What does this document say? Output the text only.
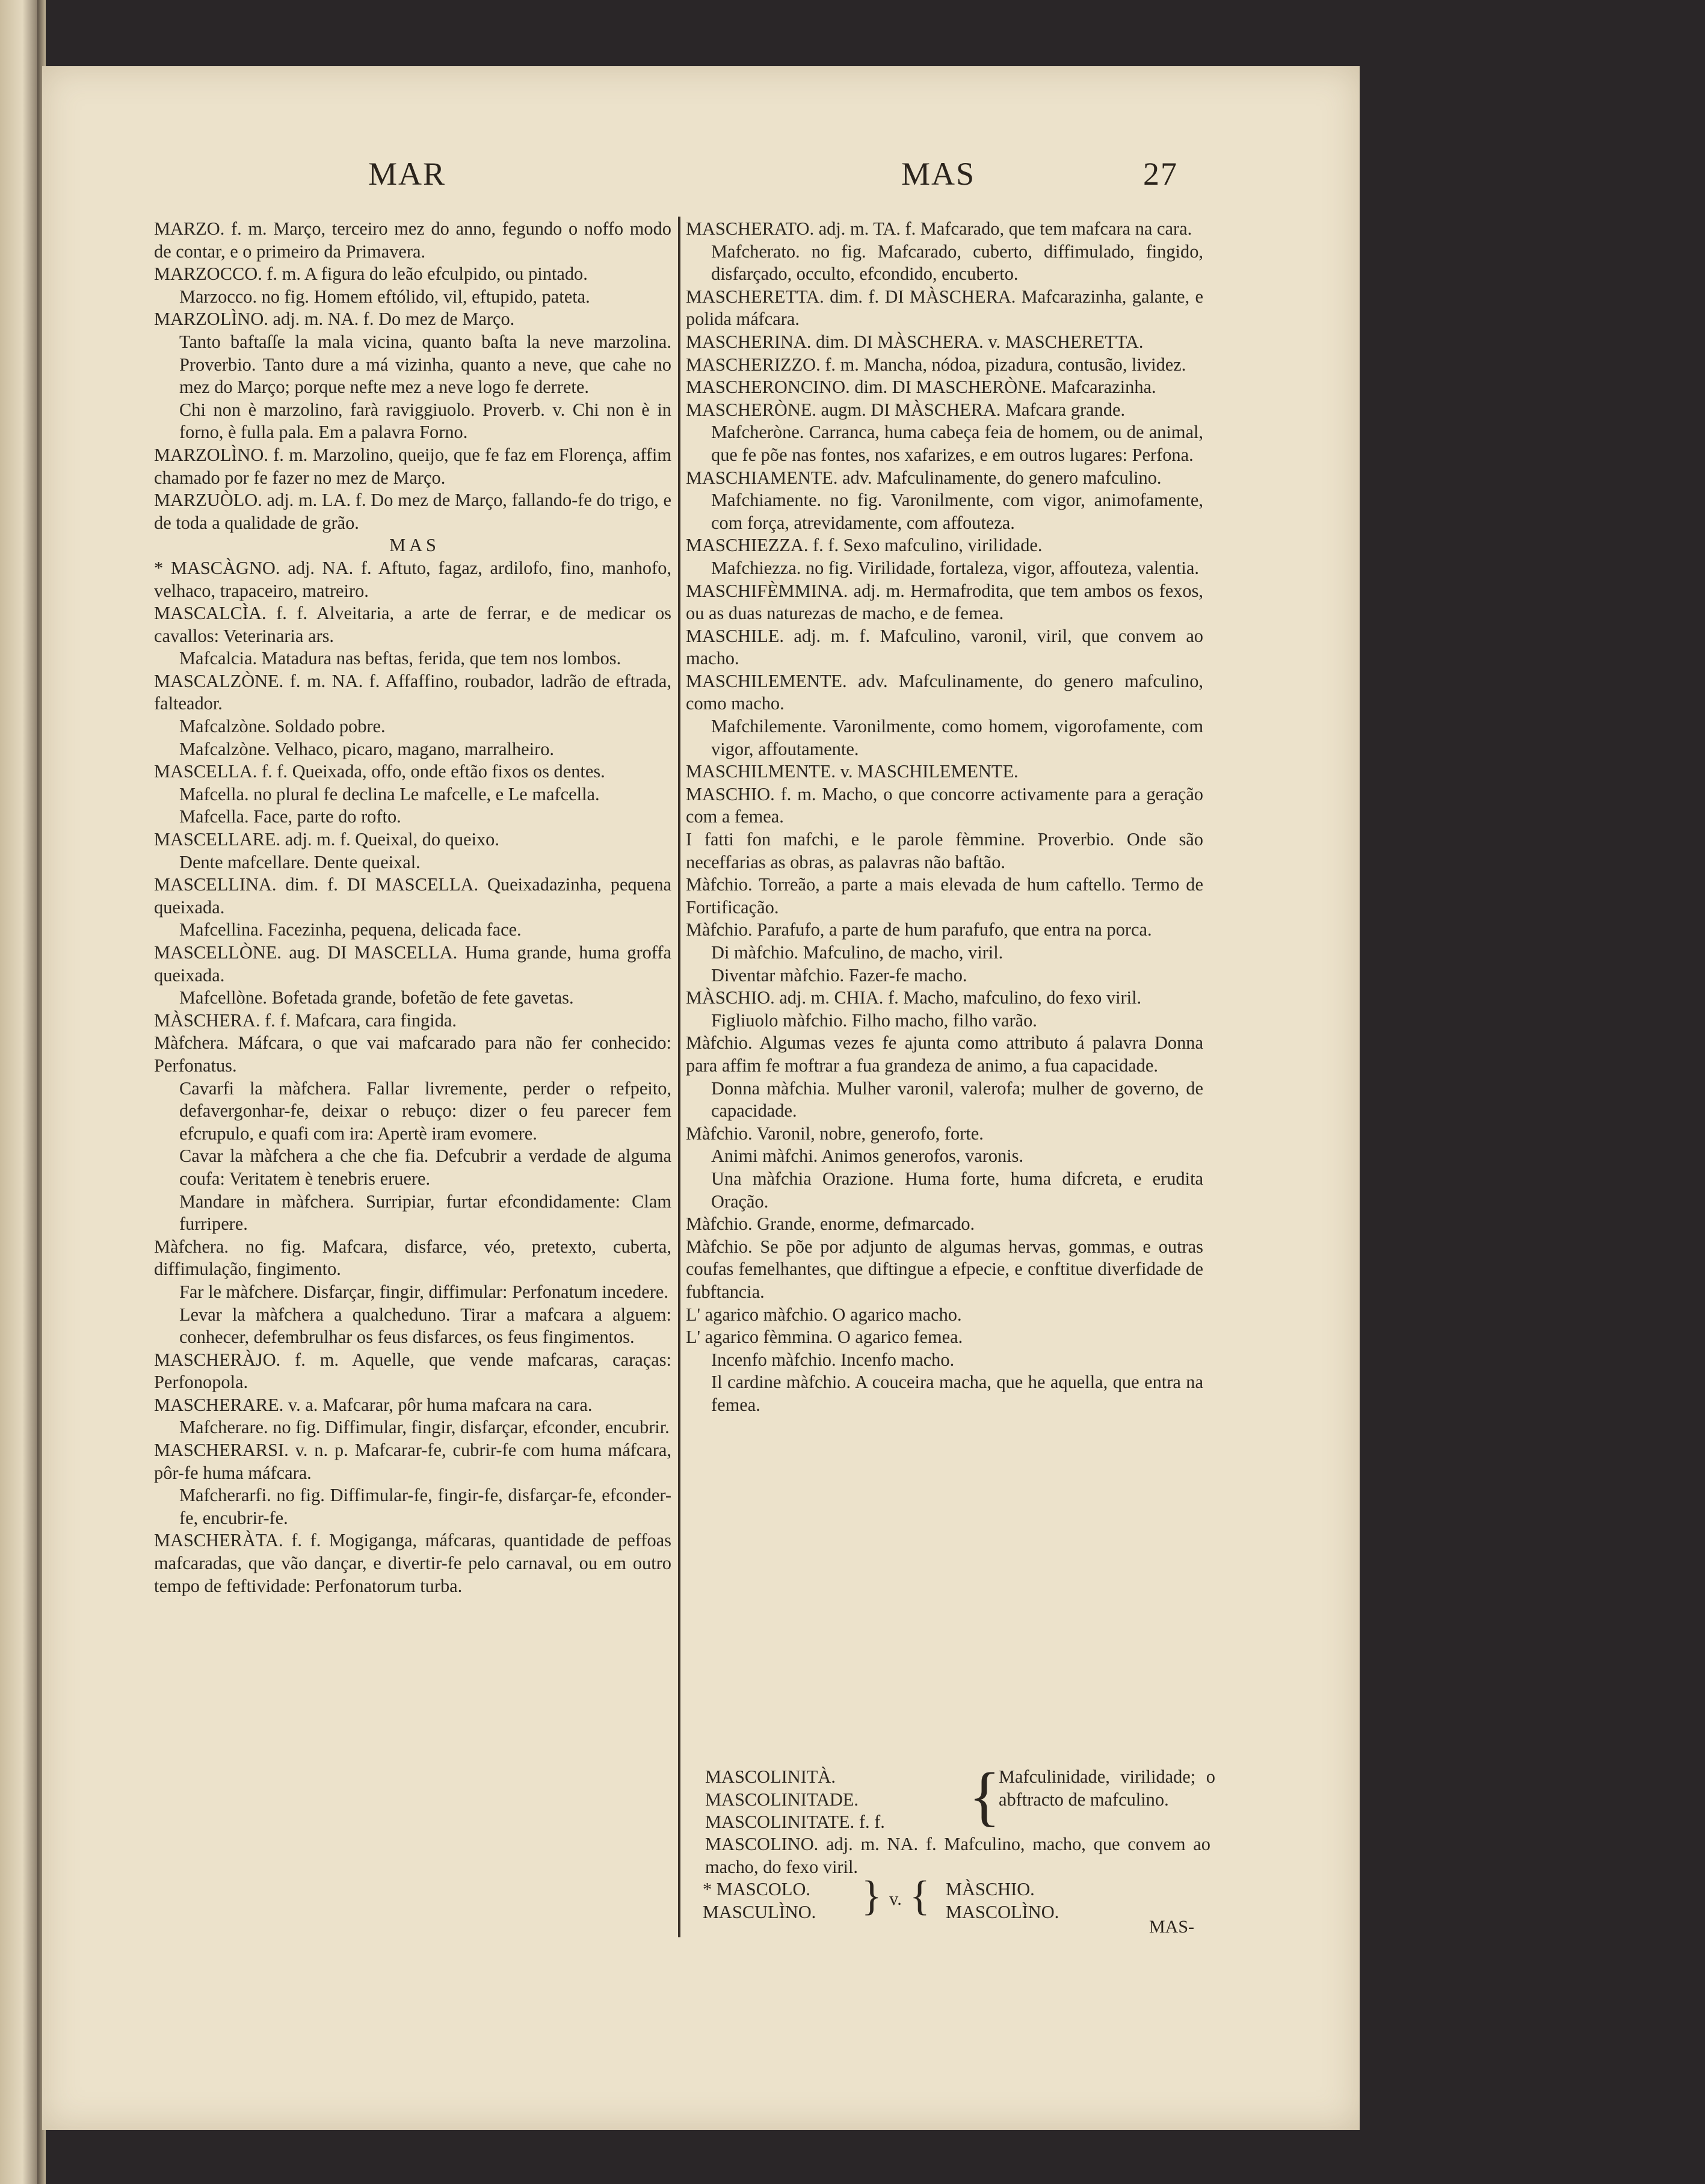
MAR	MAS	27

MARZO. f. m. Março, terceiro mez do anno, fegundo o noffo modo de contar, e o primeiro da Primavera.

MARZOCCO. f. m. A figura do leão efculpido, ou pintado.

Marzocco. no fig. Homem eftólido, vil, eftupido, pateta.

MARZOLÌNO. adj. m. NA. f. Do mez de Março.

Tanto baftaſſe la mala vicina, quanto baſta la neve marzolina. Proverbio. Tanto dure a má vizinha, quanto a neve, que cahe no mez do Março; porque nefte mez a neve logo fe derrete.

Chi non è marzolino, farà raviggiuolo. Proverb. v. Chi non è in forno, è fulla pala. Em a palavra Forno.

MARZOLÌNO. f. m. Marzolino, queijo, que fe faz em Florença, affim chamado por fe fazer no mez de Março.

MARZUÒLO. adj. m. LA. f. Do mez de Março, fallando-fe do trigo, e de toda a qualidade de grão.

M A S

* MASCÀGNO. adj. NA. f. Aftuto, fagaz, ardilofo, fino, manhofo, velhaco, trapaceiro, matreiro.

MASCALCÌA. f. f. Alveitaria, a arte de ferrar, e de medicar os cavallos: Veterinaria ars.

Mafcalcia. Matadura nas beftas, ferida, que tem nos lombos.

MASCALZÒNE. f. m. NA. f. Affaffino, roubador, ladrão de eftrada, falteador.

Mafcalzòne. Soldado pobre.

Mafcalzòne. Velhaco, picaro, magano, marralheiro.

MASCELLA. f. f. Queixada, offo, onde eftão fixos os dentes.

Mafcella. no plural fe declina Le mafcelle, e Le mafcella.

Mafcella. Face, parte do rofto.

MASCELLARE. adj. m. f. Queixal, do queixo.

Dente mafcellare. Dente queixal.

MASCELLINA. dim. f. DI MASCELLA. Queixadazinha, pequena queixada.

Mafcellina. Facezinha, pequena, delicada face.

MASCELLÒNE. aug. DI MASCELLA. Huma grande, huma groffa queixada.

Mafcellòne. Bofetada grande, bofetão de fete gavetas.

MÀSCHERA. f. f. Mafcara, cara fingida.

Màfchera. Máfcara, o que vai mafcarado para não fer conhecido: Perfonatus.

Cavarfi la màfchera. Fallar livremente, perder o refpeito, defavergonhar-fe, deixar o rebuço: dizer o feu parecer fem efcrupulo, e quafi com ira: Apertè iram evomere.

Cavar la màfchera a che che fia. Defcubrir a verdade de alguma coufa: Veritatem è tenebris eruere.

Mandare in màfchera. Surripiar, furtar efcondidamente: Clam furripere.

Màfchera. no fig. Mafcara, disfarce, véo, pretexto, cuberta, diffimulação, fingimento.

Far le màfchere. Disfarçar, fingir, diffimular: Perfonatum incedere.

Levar la màfchera a qualcheduno. Tirar a mafcara a alguem: conhecer, defembrulhar os feus disfarces, os feus fingimentos.

MASCHERÀJO. f. m. Aquelle, que vende mafcaras, caraças: Perfonopola.

MASCHERARE. v. a. Mafcarar, pôr huma mafcara na cara.

Mafcherare. no fig. Diffimular, fingir, disfarçar, efconder, encubrir.

MASCHERARSI. v. n. p. Mafcarar-fe, cubrir-fe com huma máfcara, pôr-fe huma máfcara.

Mafcherarfi. no fig. Diffimular-fe, fingir-fe, disfarçar-fe, efconder-fe, encubrir-fe.

MASCHERÀTA. f. f. Mogiganga, máfcaras, quantidade de peffoas mafcaradas, que vão dançar, e divertir-fe pelo carnaval, ou em outro tempo de feftividade: Perfonatorum turba.

MASCHERATO. adj. m. TA. f. Mafcarado, que tem mafcara na cara.

Mafcherato. no fig. Mafcarado, cuberto, diffimulado, fingido, disfarçado, occulto, efcondido, encuberto.

MASCHERETTA. dim. f. DI MÀSCHERA. Mafcarazinha, galante, e polida máfcara.

MASCHERINA. dim. DI MÀSCHERA. v. MASCHERETTA.

MASCHERIZZO. f. m. Mancha, nódoa, pizadura, contusão, lividez.

MASCHERONCINO. dim. DI MASCHERÒNE. Mafcarazinha.

MASCHERÒNE. augm. DI MÀSCHERA. Mafcara grande.

Mafcheròne. Carranca, huma cabeça feia de homem, ou de animal, que fe põe nas fontes, nos xafarizes, e em outros lugares: Perfona.

MASCHIAMENTE. adv. Mafculinamente, do genero mafculino.

Mafchiamente. no fig. Varonilmente, com vigor, animofamente, com força, atrevidamente, com affouteza.

MASCHIEZZA. f. f. Sexo mafculino, virilidade.

Mafchiezza. no fig. Virilidade, fortaleza, vigor, affouteza, valentia.

MASCHIFÈMMINA. adj. m. Hermafrodita, que tem ambos os fexos, ou as duas naturezas de macho, e de femea.

MASCHILE. adj. m. f. Mafculino, varonil, viril, que convem ao macho.

MASCHILEMENTE. adv. Mafculinamente, do genero mafculino, como macho.

Mafchilemente. Varonilmente, como homem, vigorofamente, com vigor, affoutamente.

MASCHILMENTE. v. MASCHILEMENTE.

MASCHIO. f. m. Macho, o que concorre activamente para a geração com a femea.

I fatti fon mafchi, e le parole fèmmine. Proverbio. Onde são neceffarias as obras, as palavras não baftão.

Màfchio. Torreão, a parte a mais elevada de hum caftello. Termo de Fortificação.

Màfchio. Parafufo, a parte de hum parafufo, que entra na porca.

Di màfchio. Mafculino, de macho, viril.

Diventar màfchio. Fazer-fe macho.

MÀSCHIO. adj. m. CHIA. f. Macho, mafculino, do fexo viril.

Figliuolo màfchio. Filho macho, filho varão.

Màfchio. Algumas vezes fe ajunta como attributo á palavra Donna para affim fe moftrar a fua grandeza de animo, a fua capacidade.

Donna màfchia. Mulher varonil, valerofa; mulher de governo, de capacidade.

Màfchio. Varonil, nobre, generofo, forte.

Animi màfchi. Animos generofos, varonis.

Una màfchia Orazione. Huma forte, huma difcreta, e erudita Oração.

Màfchio. Grande, enorme, defmarcado.

Màfchio. Se põe por adjunto de algumas hervas, gommas, e outras coufas femelhantes, que diftingue a efpecie, e conftitue diverfidade de fubftancia.

L' agarico màfchio. O agarico macho.

L' agarico fèmmina. O agarico femea.

Incenfo màfchio. Incenfo macho.

Il cardine màfchio. A couceira macha, que he aquella, que entra na femea.

MASCOLINITÀ.
MASCOLINITADE.
MASCOLINITATE. f. f.	{
Mafculinidade, virilidade; o abftracto de mafculino.
MASCOLINO. adj. m. NA. f. Mafculino, macho, que convem ao macho, do fexo viril.
* MASCOLO.
MASCULÌNO.	} v. { MÀSCHIO.
MASCOLÌNO.
MAS-
